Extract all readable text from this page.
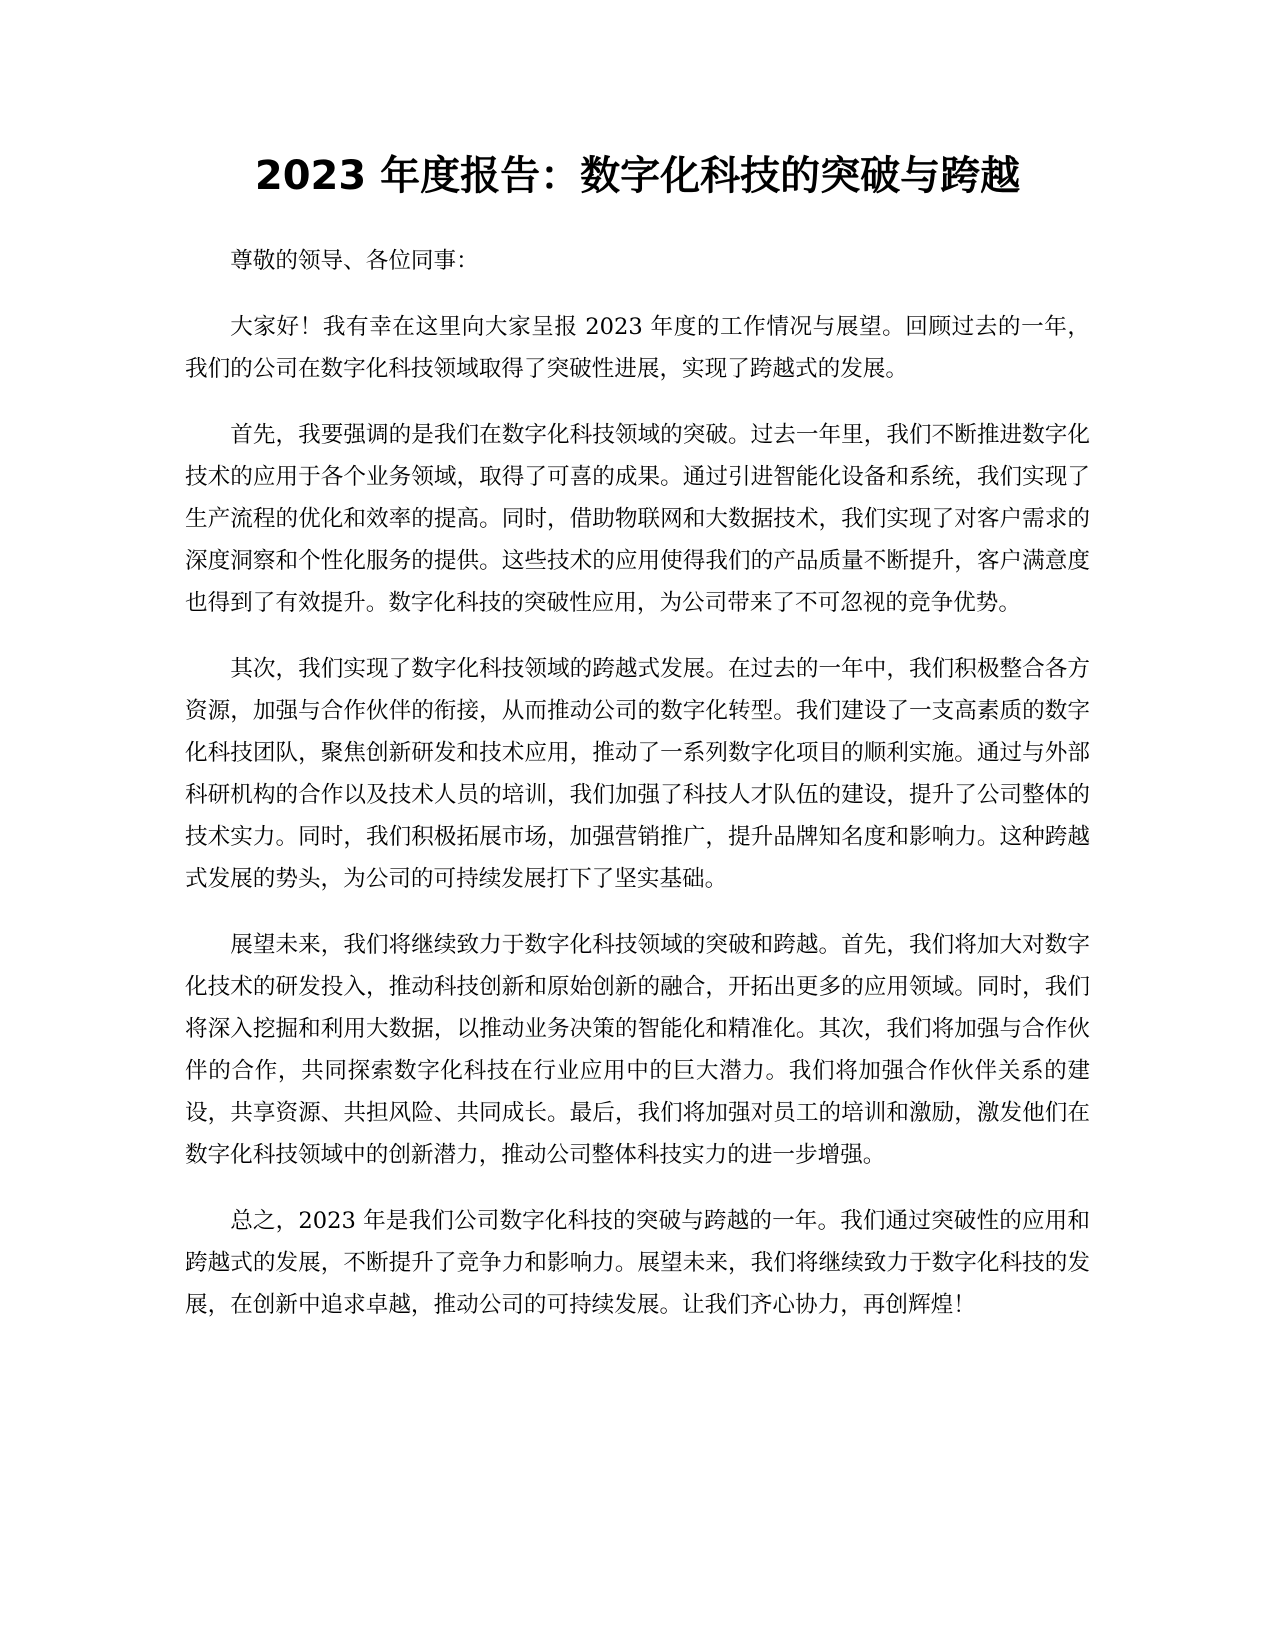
2023 年度报告：数字化科技的突破与跨越

尊敬的领导、各位同事：

大家好！我有幸在这里向大家呈报 2023 年度的工作情况与展望。回顾过去的一年，我们的公司在数字化科技领域取得了突破性进展，实现了跨越式的发展。

首先，我要强调的是我们在数字化科技领域的突破。过去一年里，我们不断推进数字化技术的应用于各个业务领域，取得了可喜的成果。通过引进智能化设备和系统，我们实现了生产流程的优化和效率的提高。同时，借助物联网和大数据技术，我们实现了对客户需求的深度洞察和个性化服务的提供。这些技术的应用使得我们的产品质量不断提升，客户满意度也得到了有效提升。数字化科技的突破性应用，为公司带来了不可忽视的竞争优势。

其次，我们实现了数字化科技领域的跨越式发展。在过去的一年中，我们积极整合各方资源，加强与合作伙伴的衔接，从而推动公司的数字化转型。我们建设了一支高素质的数字化科技团队，聚焦创新研发和技术应用，推动了一系列数字化项目的顺利实施。通过与外部科研机构的合作以及技术人员的培训，我们加强了科技人才队伍的建设，提升了公司整体的技术实力。同时，我们积极拓展市场，加强营销推广，提升品牌知名度和影响力。这种跨越式发展的势头，为公司的可持续发展打下了坚实基础。

展望未来，我们将继续致力于数字化科技领域的突破和跨越。首先，我们将加大对数字化技术的研发投入，推动科技创新和原始创新的融合，开拓出更多的应用领域。同时，我们将深入挖掘和利用大数据，以推动业务决策的智能化和精准化。其次，我们将加强与合作伙伴的合作，共同探索数字化科技在行业应用中的巨大潜力。我们将加强合作伙伴关系的建设，共享资源、共担风险、共同成长。最后，我们将加强对员工的培训和激励，激发他们在数字化科技领域中的创新潜力，推动公司整体科技实力的进一步增强。

总之，2023 年是我们公司数字化科技的突破与跨越的一年。我们通过突破性的应用和跨越式的发展，不断提升了竞争力和影响力。展望未来，我们将继续致力于数字化科技的发展，在创新中追求卓越，推动公司的可持续发展。让我们齐心协力，再创辉煌！
